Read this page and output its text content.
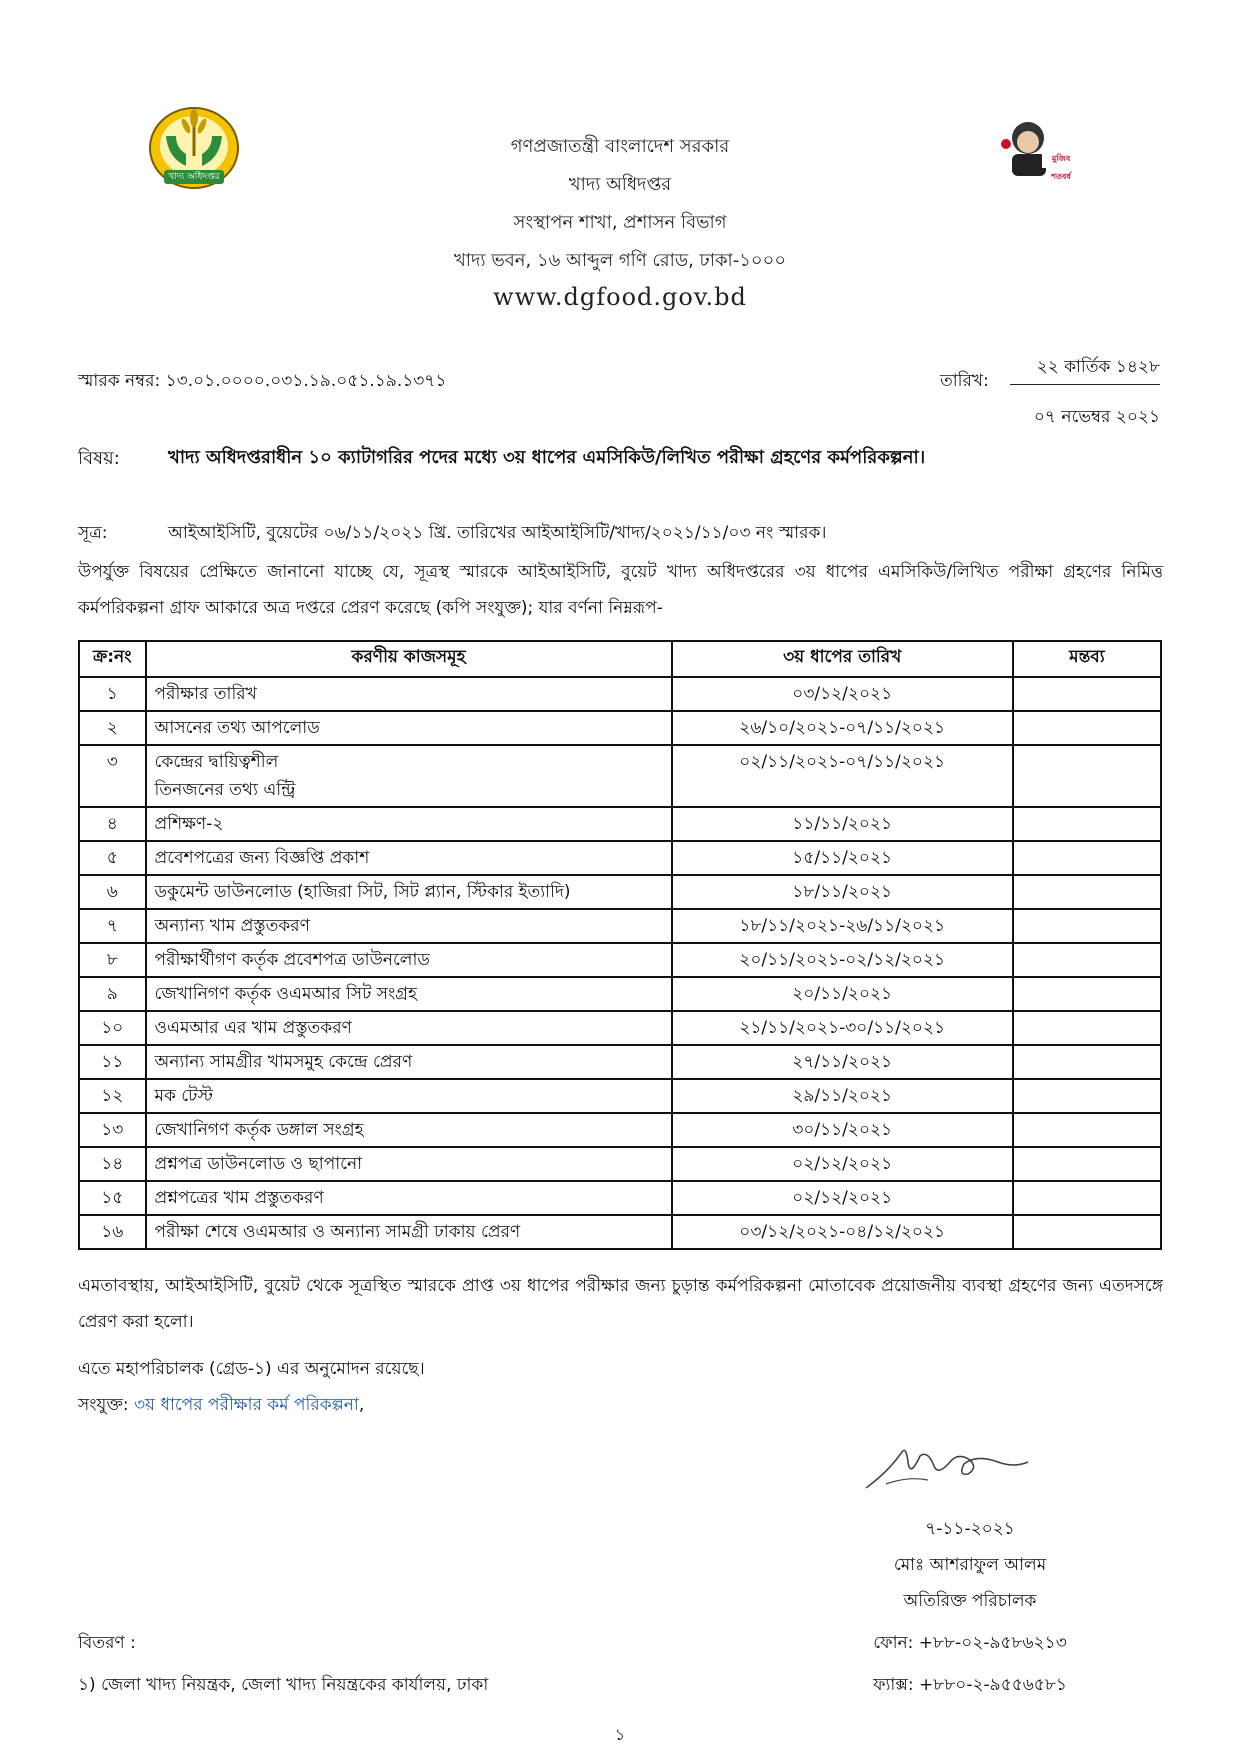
খাদ্য অধিদপ্তর
মুজিব শতবর্ষ
গণপ্রজাতন্ত্রী বাংলাদেশ সরকার
খাদ্য অধিদপ্তর
সংস্থাপন শাখা, প্রশাসন বিভাগ
খাদ্য ভবন, ১৬ আব্দুল গণি রোড, ঢাকা-১০০০
www.dgfood.gov.bd
স্মারক নম্বর: ১৩.০১.০০০০.০৩১.১৯.০৫১.১৯.১৩৭১	তারিখ:
২২ কার্তিক ১৪২৮
০৭ নভেম্বর ২০২১
বিষয়:	খাদ্য অধিদপ্তরাধীন ১০ ক্যাটাগরির পদের মধ্যে ৩য় ধাপের এমসিকিউ/লিখিত পরীক্ষা গ্রহণের কর্মপরিকল্পনা।
সূত্র:	আইআইসিটি, বুয়েটের ০৬/১১/২০২১ খ্রি. তারিখের আইআইসিটি/খাদ্য/২০২১/১১/০৩ নং স্মারক।
উপর্যুক্ত বিষয়ের প্রেক্ষিতে জানানো যাচ্ছে যে, সূত্রস্থ স্মারকে আইআইসিটি, বুয়েট খাদ্য অধিদপ্তরের ৩য় ধাপের এমসিকিউ/লিখিত পরীক্ষা গ্রহণের নিমিত্ত কর্মপরিকল্পনা গ্রাফ আকারে অত্র দপ্তরে প্রেরণ করেছে (কপি সংযুক্ত); যার বর্ণনা নিম্নরূপ-
ক্র:নং	করণীয় কাজসমূহ	৩য় ধাপের তারিখ	মন্তব্য
১	পরীক্ষার তারিখ	০৩/১২/২০২১	
২	আসনের তথ্য আপলোড	২৬/১০/২০২১-০৭/১১/২০২১	
৩	কেন্দ্রের দ্বায়িত্বশীল
তিনজনের তথ্য এন্ট্রি	০২/১১/২০২১-০৭/১১/২০২১	
৪	প্রশিক্ষণ-২	১১/১১/২০২১	
৫	প্রবেশপত্রের জন্য বিজ্ঞপ্তি প্রকাশ	১৫/১১/২০২১	
৬	ডকুমেন্ট ডাউনলোড (হাজিরা সিট, সিট প্ল্যান, স্টিকার ইত্যাদি)	১৮/১১/২০২১	
৭	অন্যান্য খাম প্রস্তুতকরণ	১৮/১১/২০২১-২৬/১১/২০২১	
৮	পরীক্ষার্থীগণ কর্তৃক প্রবেশপত্র ডাউনলোড	২০/১১/২০২১-০২/১২/২০২১	
৯	জেখানিগণ কর্তৃক ওএমআর সিট সংগ্রহ	২০/১১/২০২১	
১০	ওএমআর এর খাম প্রস্তুতকরণ	২১/১১/২০২১-৩০/১১/২০২১	
১১	অন্যান্য সামগ্রীর খামসমুহ কেন্দ্রে প্রেরণ	২৭/১১/২০২১	
১২	মক টেস্ট	২৯/১১/২০২১	
১৩	জেখানিগণ কর্তৃক ডঙ্গাল সংগ্রহ	৩০/১১/২০২১	
১৪	প্রশ্নপত্র ডাউনলোড ও ছাপানো	০২/১২/২০২১	
১৫	প্রশ্নপত্রের খাম প্রস্তুতকরণ	০২/১২/২০২১	
১৬	পরীক্ষা শেষে ওএমআর ও অন্যান্য সামগ্রী ঢাকায় প্রেরণ	০৩/১২/২০২১-০৪/১২/২০২১	
এমতাবস্থায়, আইআইসিটি, বুয়েট থেকে সূত্রস্থিত স্মারকে প্রাপ্ত ৩য় ধাপের পরীক্ষার জন্য চুড়ান্ত কর্মপরিকল্পনা মোতাবেক প্রয়োজনীয় ব্যবস্থা গ্রহণের জন্য এতদসঙ্গে প্রেরণ করা হলো।
এতে মহাপরিচালক (গ্রেড-১) এর অনুমোদন রয়েছে।
সংযুক্ত: ৩য় ধাপের পরীক্ষার কর্ম পরিকল্পনা,
৭-১১-২০২১
মোঃ আশরাফুল আলম
অতিরিক্ত পরিচালক
ফোন: +৮৮-০২-৯৫৮৬২১৩
ফ্যাক্স: +৮৮০-২-৯৫৫৬৫৮১
বিতরণ :
১) জেলা খাদ্য নিয়ন্ত্রক, জেলা খাদ্য নিয়ন্ত্রকের কার্যালয়, ঢাকা
১
